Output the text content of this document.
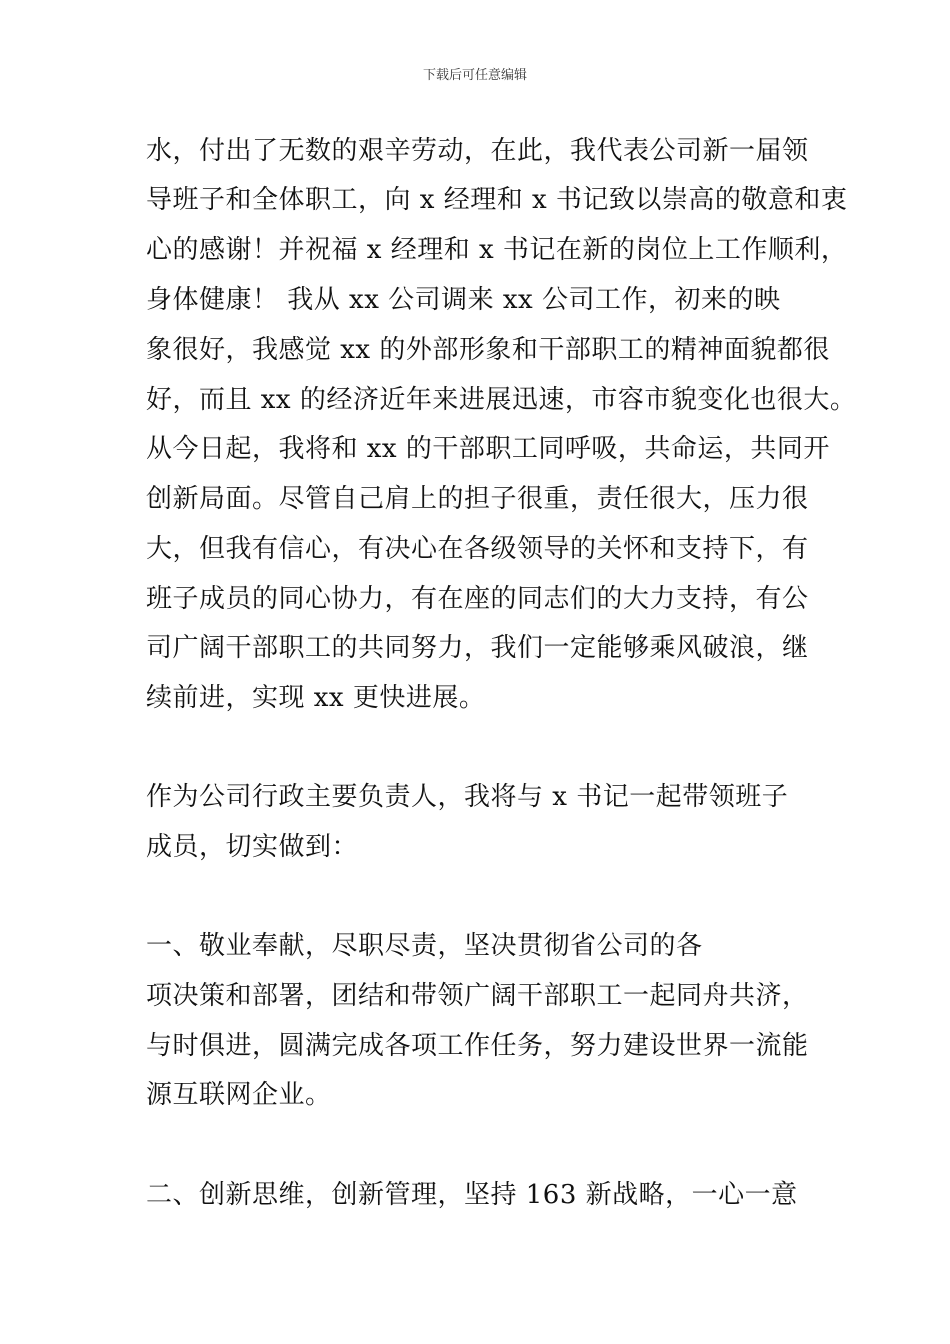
下载后可任意编辑
水，付出了无数的艰辛劳动，在此，我代表公司新一届领
导班子和全体职工，向 x 经理和 x 书记致以崇高的敬意和衷
心的感谢！并祝福 x 经理和 x 书记在新的岗位上工作顺利，
身体健康！ 我从 xx 公司调来 xx 公司工作，初来的映
象很好，我感觉 xx 的外部形象和干部职工的精神面貌都很
好，而且 xx 的经济近年来进展迅速，市容市貌变化也很大。
从今日起，我将和 xx 的干部职工同呼吸，共命运，共同开
创新局面。尽管自己肩上的担子很重，责任很大，压力很
大，但我有信心，有决心在各级领导的关怀和支持下，有
班子成员的同心协力，有在座的同志们的大力支持，有公
司广阔干部职工的共同努力，我们一定能够乘风破浪，继
续前进，实现 xx 更快进展。
作为公司行政主要负责人，我将与 x 书记一起带领班子
成员，切实做到：
一、敬业奉献，尽职尽责，坚决贯彻省公司的各
项决策和部署，团结和带领广阔干部职工一起同舟共济，
与时俱进，圆满完成各项工作任务，努力建设世界一流能
源互联网企业。
二、创新思维，创新管理，坚持 163 新战略，一心一意
